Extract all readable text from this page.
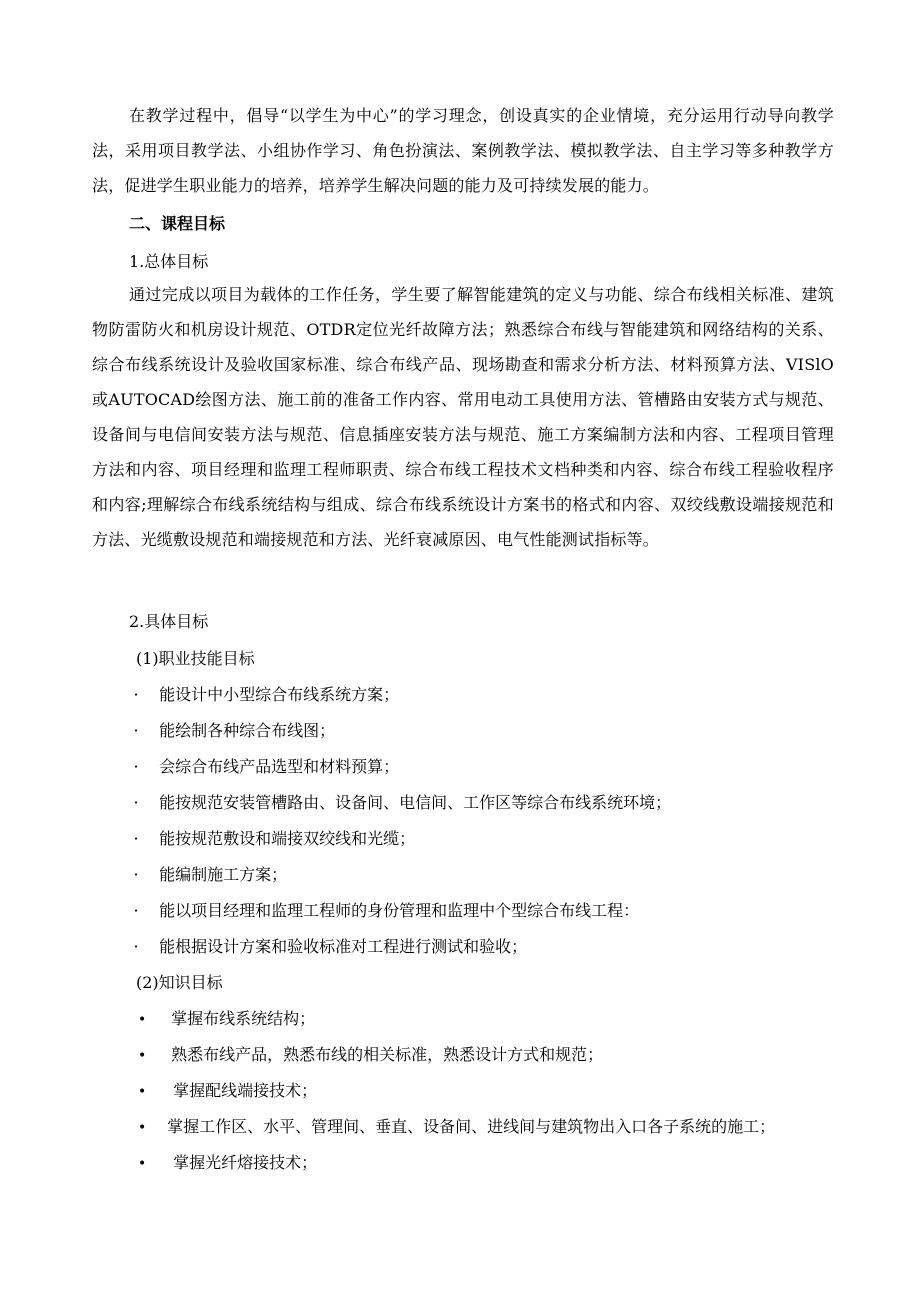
在教学过程中，倡导“以学生为中心”的学习理念，创设真实的企业情境，充分运用行动导向教学法，采用项目教学法、小组协作学习、角色扮演法、案例教学法、模拟教学法、自主学习等多种教学方法，促进学生职业能力的培养，培养学生解决问题的能力及可持续发展的能力。

二、课程目标
1.总体目标

通过完成以项目为载体的工作任务，学生要了解智能建筑的定义与功能、综合布线相关标准、建筑物防雷防火和机房设计规范、OTDR定位光纤故障方法；熟悉综合布线与智能建筑和网络结构的关系、综合布线系统设计及验收国家标准、综合布线产品、现场勘查和需求分析方法、材料预算方法、VISlO或AUTOCAD绘图方法、施工前的准备工作内容、常用电动工具使用方法、管槽路由安装方式与规范、设备间与电信间安装方法与规范、信息插座安装方法与规范、施工方案编制方法和内容、工程项目管理方法和内容、项目经理和监理工程师职责、综合布线工程技术文档种类和内容、综合布线工程验收程序和内容;理解综合布线系统结构与组成、综合布线系统设计方案书的格式和内容、双绞线敷设端接规范和方法、光缆敷设规范和端接规范和方法、光纤衰减原因、电气性能测试指标等。

2.具体目标
(1)职业技能目标
· 能设计中小型综合布线系统方案；
· 能绘制各种综合布线图；
· 会综合布线产品选型和材料预算；
· 能按规范安装管槽路由、设备间、电信间、工作区等综合布线系统环境；
· 能按规范敷设和端接双绞线和光缆；
· 能编制施工方案；
· 能以项目经理和监理工程师的身份管理和监理中个型综合布线工程：
· 能根据设计方案和验收标准对工程进行测试和验收；
(2)知识目标
• 掌握布线系统结构；
• 熟悉布线产品，熟悉布线的相关标准，熟悉设计方式和规范；
• 掌握配线端接技术；
• 掌握工作区、水平、管理间、垂直、设备间、进线间与建筑物出入口各子系统的施工；
• 掌握光纤熔接技术；
